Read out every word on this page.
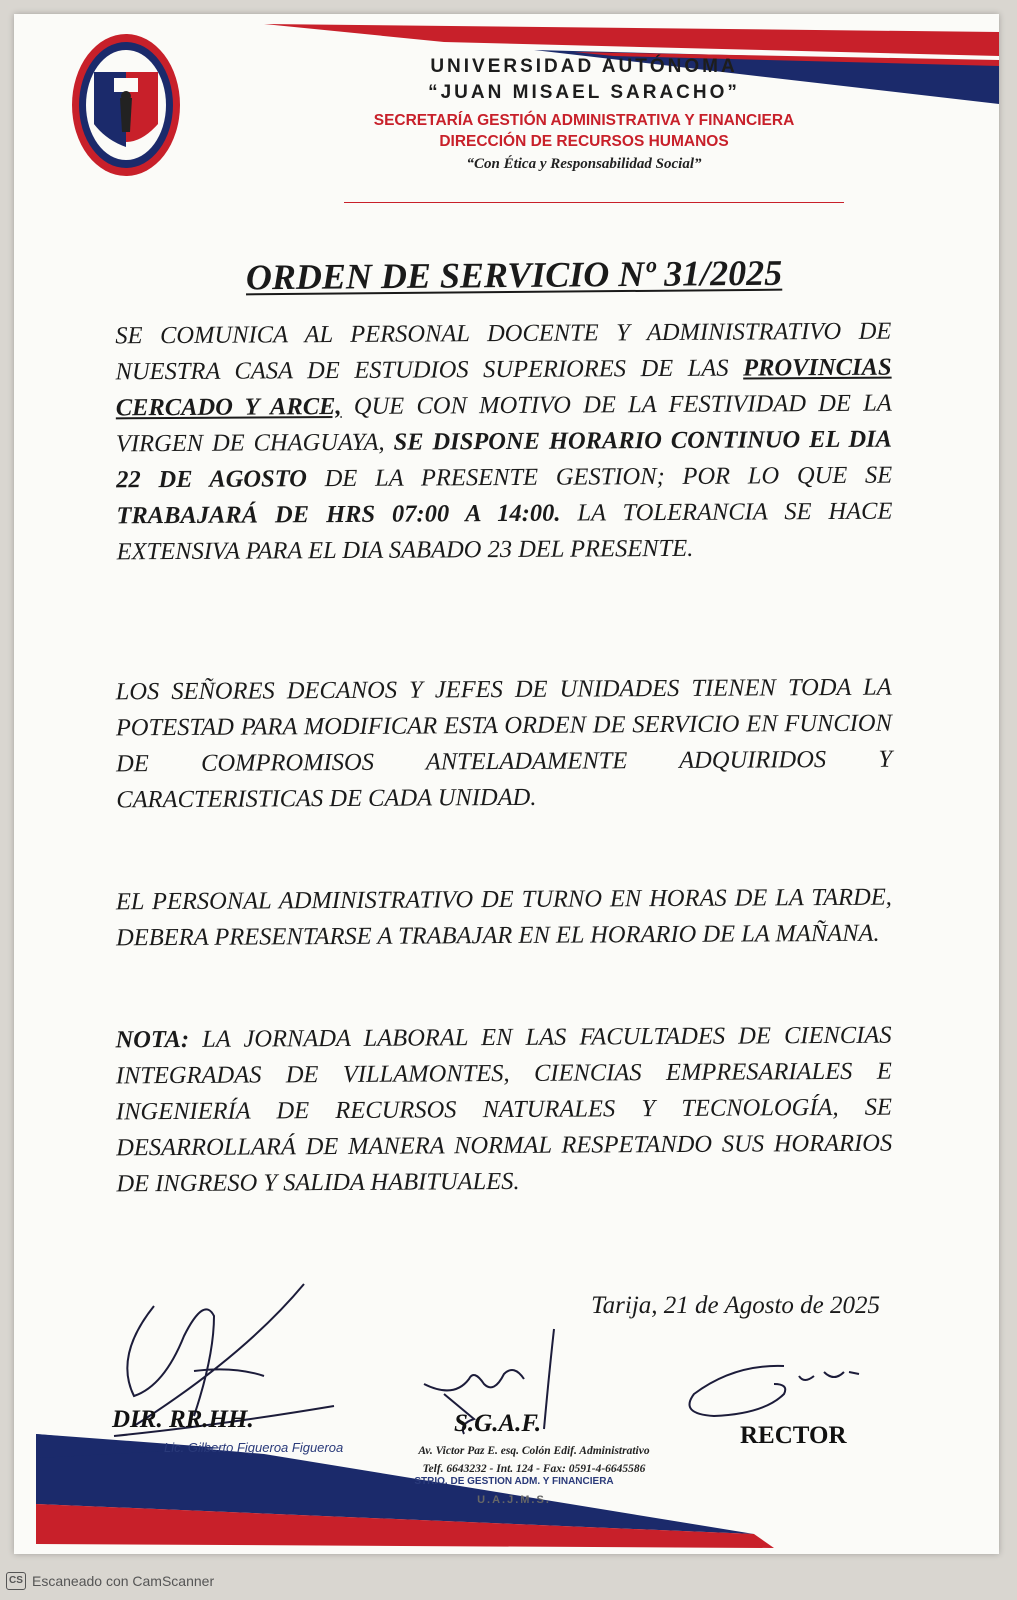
UNIVERSIDAD AUTÓNOMA
“JUAN MISAEL SARACHO”
SECRETARÍA GESTIÓN ADMINISTRATIVA Y FINANCIERA
DIRECCIÓN DE RECURSOS HUMANOS
“Con Ética y Responsabilidad Social”
ORDEN DE SERVICIO Nº 31/2025

SE COMUNICA AL PERSONAL DOCENTE Y ADMINISTRATIVO DE NUESTRA CASA DE ESTUDIOS SUPERIORES DE LAS PROVINCIAS CERCADO Y ARCE, QUE CON MOTIVO DE LA FESTIVIDAD DE LA VIRGEN DE CHAGUAYA, SE DISPONE HORARIO CONTINUO EL DIA 22 DE AGOSTO DE LA PRESENTE GESTION; POR LO QUE SE TRABAJARÁ DE HRS 07:00 A 14:00. LA TOLERANCIA SE HACE EXTENSIVA PARA EL DIA SABADO 23 DEL PRESENTE.

LOS SEÑORES DECANOS Y JEFES DE UNIDADES TIENEN TODA LA POTESTAD PARA MODIFICAR ESTA ORDEN DE SERVICIO EN FUNCION DE COMPROMISOS ANTELADAMENTE ADQUIRIDOS Y CARACTERISTICAS DE CADA UNIDAD.

EL PERSONAL ADMINISTRATIVO DE TURNO EN HORAS DE LA TARDE, DEBERA PRESENTARSE A TRABAJAR EN EL HORARIO DE LA MAÑANA.

NOTA: LA JORNADA LABORAL EN LAS FACULTADES DE CIENCIAS INTEGRADAS DE VILLAMONTES, CIENCIAS EMPRESARIALES E INGENIERÍA DE RECURSOS NATURALES Y TECNOLOGÍA, SE DESARROLLARÁ DE MANERA NORMAL RESPETANDO SUS HORARIOS DE INGRESO Y SALIDA HABITUALES.

Tarija, 21 de Agosto de 2025
DIR. RR.HH.	S.G.A.F.	RECTOR
Lic. Gilberto Figueroa Figueroa	Av. Victor Paz E. esq. Colón Edif. Administrativo
Telf. 6643232 - Int. 124 - Fax: 0591-4-6645586
STRIO. DE GESTION ADM. Y FINANCIERA
U.A.J.M.S.
CS Escaneado con CamScanner
